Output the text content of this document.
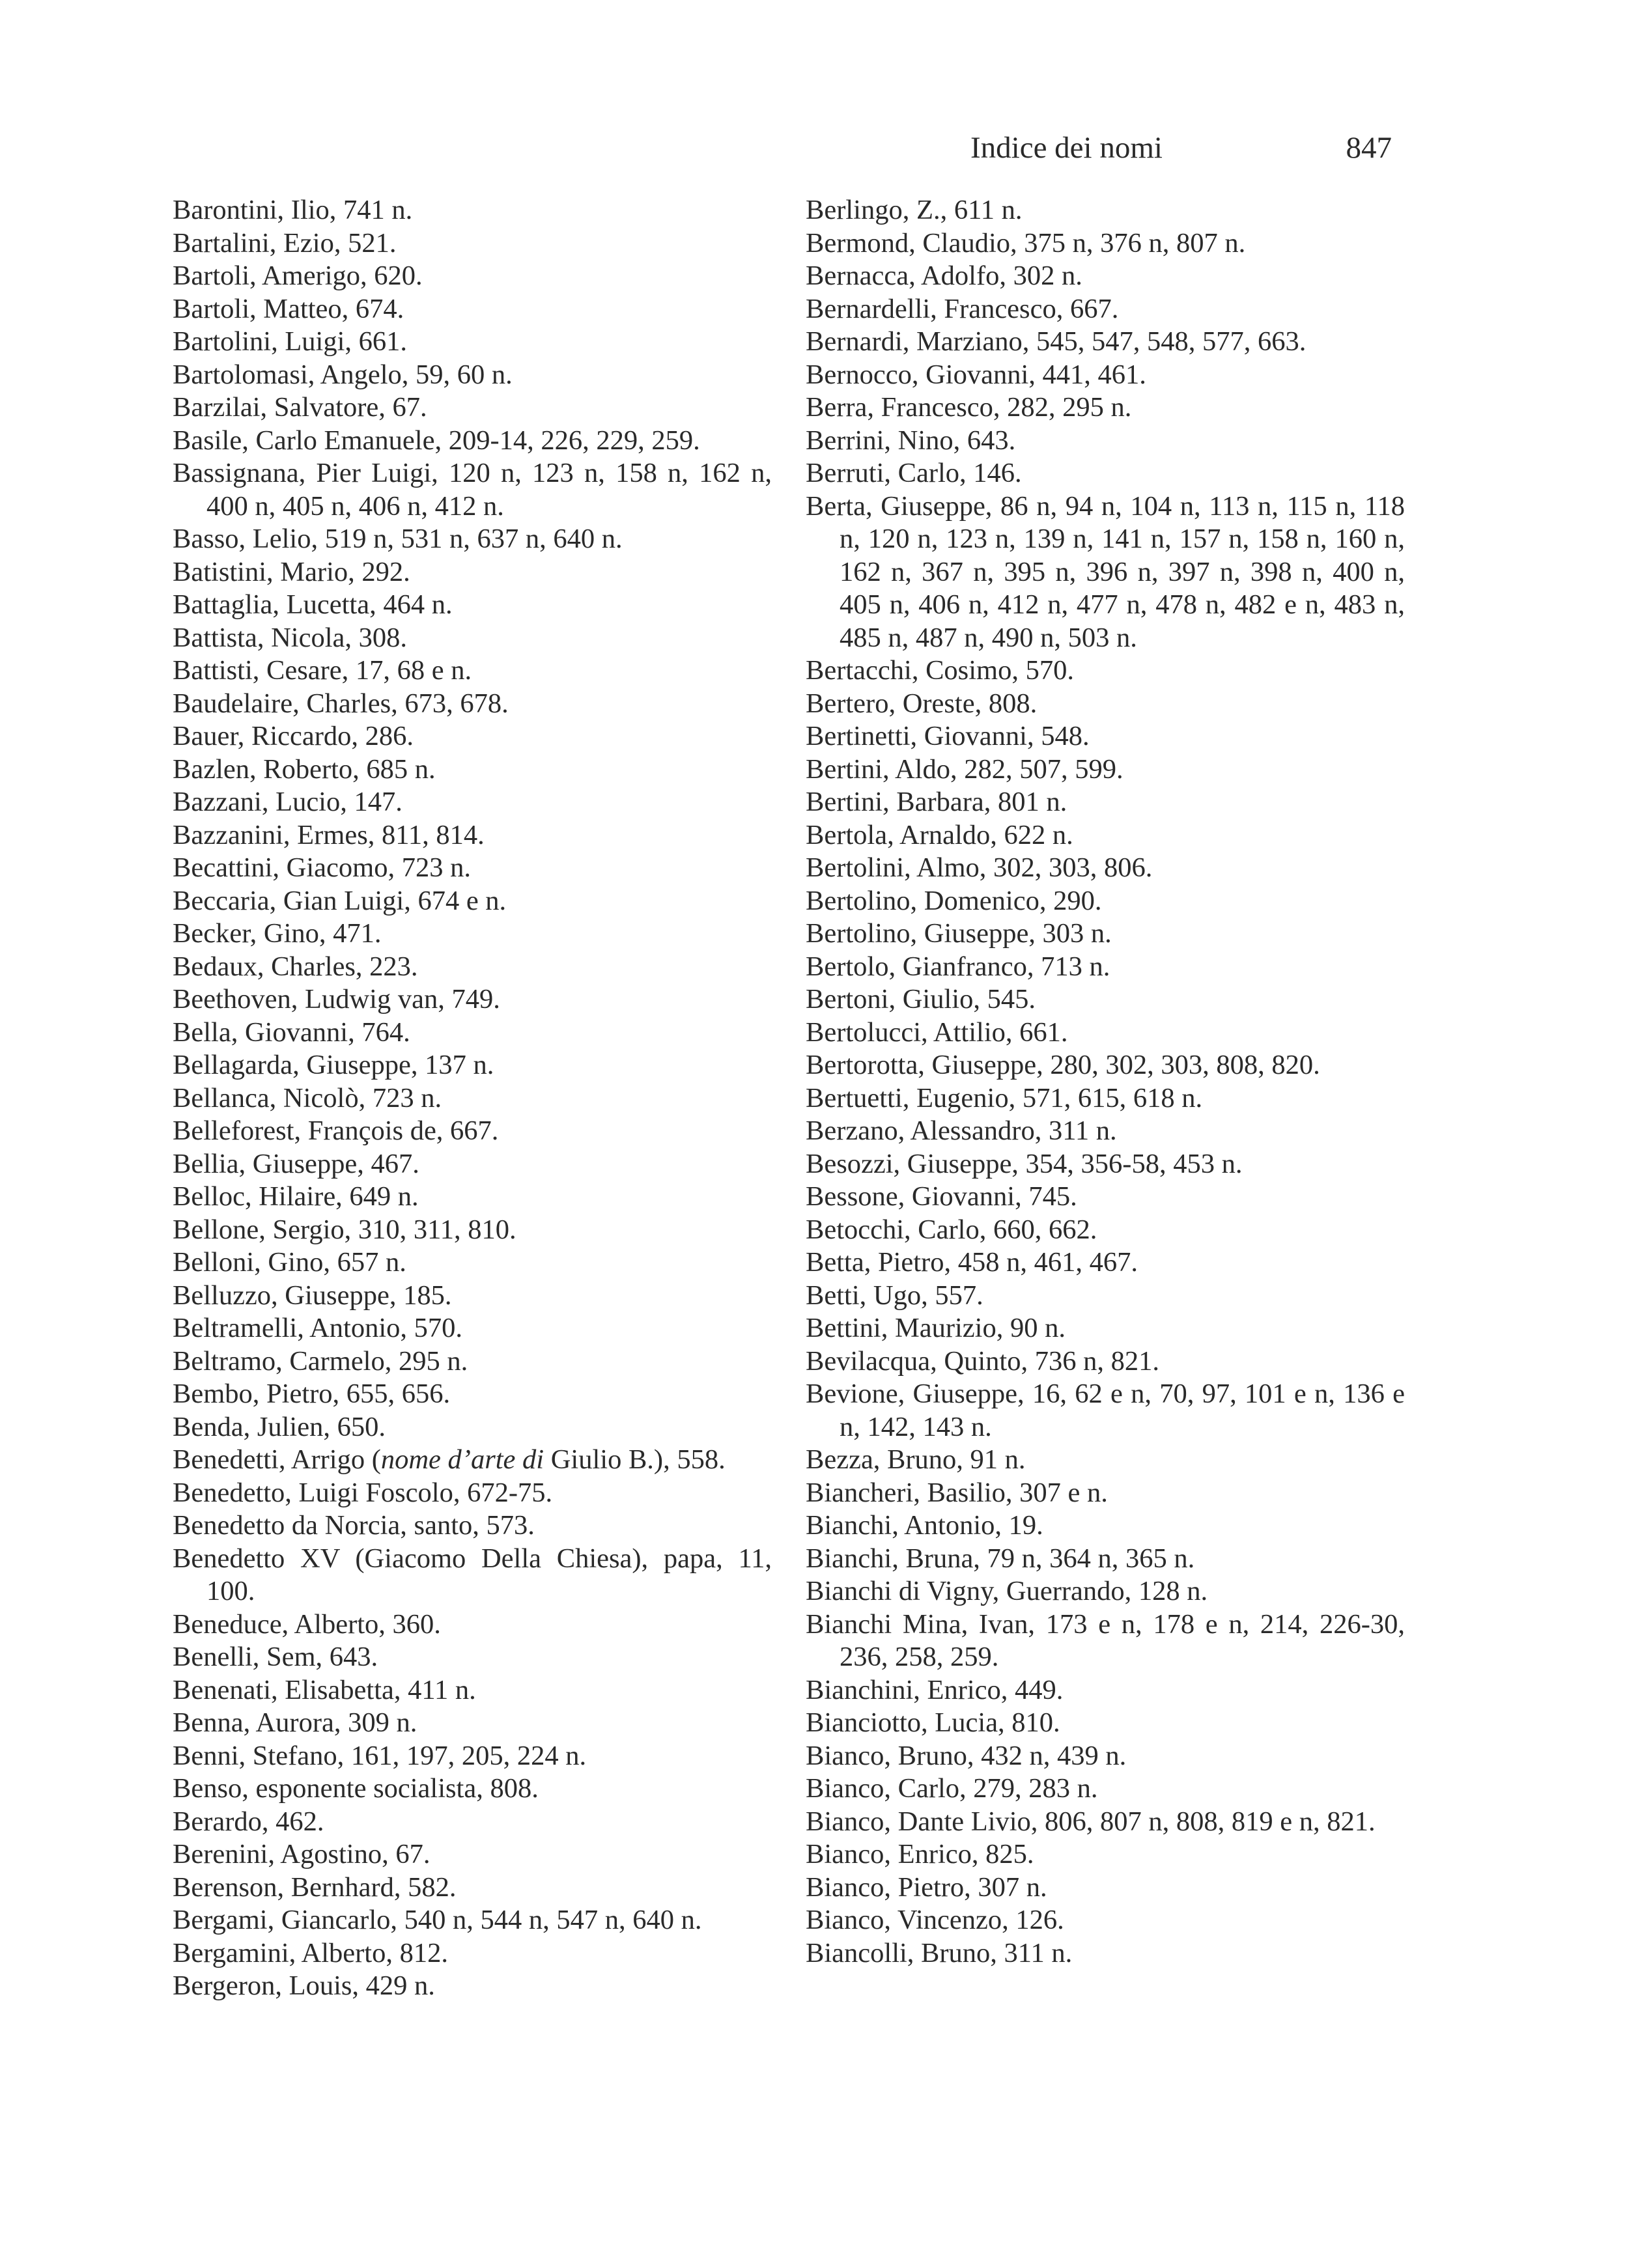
Indice dei nomi	847
Barontini, Ilio, 741 n.
Bartalini, Ezio, 521.
Bartoli, Amerigo, 620.
Bartoli, Matteo, 674.
Bartolini, Luigi, 661.
Bartolomasi, Angelo, 59, 60 n.
Barzilai, Salvatore, 67.
Basile, Carlo Emanuele, 209-14, 226, 229, 259.
Bassignana, Pier Luigi, 120 n, 123 n, 158 n, 162 n, 400 n, 405 n, 406 n, 412 n.
Basso, Lelio, 519 n, 531 n, 637 n, 640 n.
Batistini, Mario, 292.
Battaglia, Lucetta, 464 n.
Battista, Nicola, 308.
Battisti, Cesare, 17, 68 e n.
Baudelaire, Charles, 673, 678.
Bauer, Riccardo, 286.
Bazlen, Roberto, 685 n.
Bazzani, Lucio, 147.
Bazzanini, Ermes, 811, 814.
Becattini, Giacomo, 723 n.
Beccaria, Gian Luigi, 674 e n.
Becker, Gino, 471.
Bedaux, Charles, 223.
Beethoven, Ludwig van, 749.
Bella, Giovanni, 764.
Bellagarda, Giuseppe, 137 n.
Bellanca, Nicolò, 723 n.
Belleforest, François de, 667.
Bellia, Giuseppe, 467.
Belloc, Hilaire, 649 n.
Bellone, Sergio, 310, 311, 810.
Belloni, Gino, 657 n.
Belluzzo, Giuseppe, 185.
Beltramelli, Antonio, 570.
Beltramo, Carmelo, 295 n.
Bembo, Pietro, 655, 656.
Benda, Julien, 650.
Benedetti, Arrigo (nome d’arte di Giulio B.), 558.
Benedetto, Luigi Foscolo, 672-75.
Benedetto da Norcia, santo, 573.
Benedetto XV (Giacomo Della Chiesa), papa, 11, 100.
Beneduce, Alberto, 360.
Benelli, Sem, 643.
Benenati, Elisabetta, 411 n.
Benna, Aurora, 309 n.
Benni, Stefano, 161, 197, 205, 224 n.
Benso, esponente socialista, 808.
Berardo, 462.
Berenini, Agostino, 67.
Berenson, Bernhard, 582.
Bergami, Giancarlo, 540 n, 544 n, 547 n, 640 n.
Bergamini, Alberto, 812.
Bergeron, Louis, 429 n.
Berlingo, Z., 611 n.
Bermond, Claudio, 375 n, 376 n, 807 n.
Bernacca, Adolfo, 302 n.
Bernardelli, Francesco, 667.
Bernardi, Marziano, 545, 547, 548, 577, 663.
Bernocco, Giovanni, 441, 461.
Berra, Francesco, 282, 295 n.
Berrini, Nino, 643.
Berruti, Carlo, 146.
Berta, Giuseppe, 86 n, 94 n, 104 n, 113 n, 115 n, 118 n, 120 n, 123 n, 139 n, 141 n, 157 n, 158 n, 160 n, 162 n, 367 n, 395 n, 396 n, 397 n, 398 n, 400 n, 405 n, 406 n, 412 n, 477 n, 478 n, 482 e n, 483 n, 485 n, 487 n, 490 n, 503 n.
Bertacchi, Cosimo, 570.
Bertero, Oreste, 808.
Bertinetti, Giovanni, 548.
Bertini, Aldo, 282, 507, 599.
Bertini, Barbara, 801 n.
Bertola, Arnaldo, 622 n.
Bertolini, Almo, 302, 303, 806.
Bertolino, Domenico, 290.
Bertolino, Giuseppe, 303 n.
Bertolo, Gianfranco, 713 n.
Bertoni, Giulio, 545.
Bertolucci, Attilio, 661.
Bertorotta, Giuseppe, 280, 302, 303, 808, 820.
Bertuetti, Eugenio, 571, 615, 618 n.
Berzano, Alessandro, 311 n.
Besozzi, Giuseppe, 354, 356-58, 453 n.
Bessone, Giovanni, 745.
Betocchi, Carlo, 660, 662.
Betta, Pietro, 458 n, 461, 467.
Betti, Ugo, 557.
Bettini, Maurizio, 90 n.
Bevilacqua, Quinto, 736 n, 821.
Bevione, Giuseppe, 16, 62 e n, 70, 97, 101 e n, 136 e n, 142, 143 n.
Bezza, Bruno, 91 n.
Biancheri, Basilio, 307 e n.
Bianchi, Antonio, 19.
Bianchi, Bruna, 79 n, 364 n, 365 n.
Bianchi di Vigny, Guerrando, 128 n.
Bianchi Mina, Ivan, 173 e n, 178 e n, 214, 226-30, 236, 258, 259.
Bianchini, Enrico, 449.
Bianciotto, Lucia, 810.
Bianco, Bruno, 432 n, 439 n.
Bianco, Carlo, 279, 283 n.
Bianco, Dante Livio, 806, 807 n, 808, 819 e n, 821.
Bianco, Enrico, 825.
Bianco, Pietro, 307 n.
Bianco, Vincenzo, 126.
Biancolli, Bruno, 311 n.
